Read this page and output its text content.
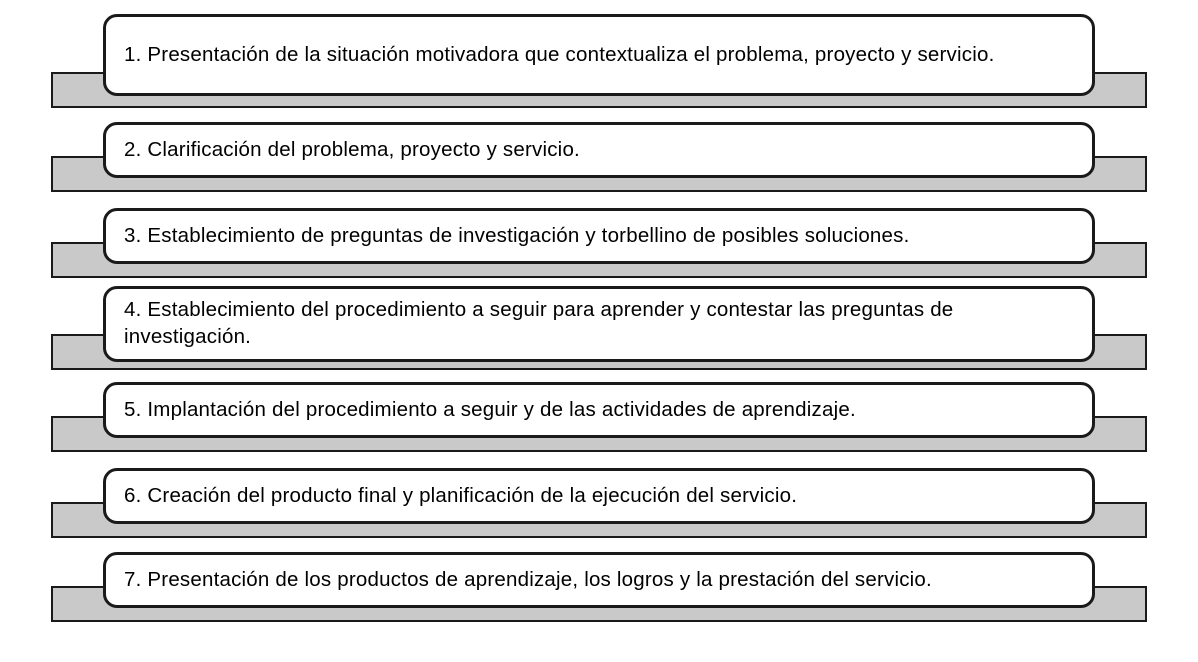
1. Presentación de la situación motivadora que contextualiza el problema, proyecto y servicio.
2. Clarificación del problema, proyecto y servicio.
3. Establecimiento de preguntas de investigación y torbellino de posibles soluciones.
4. Establecimiento del procedimiento a seguir para aprender y contestar las preguntas de investigación.
5. Implantación del procedimiento a seguir y de las actividades de aprendizaje.
6. Creación del producto final y planificación de la ejecución del servicio.
7. Presentación de los productos de aprendizaje, los logros y la prestación del servicio.
